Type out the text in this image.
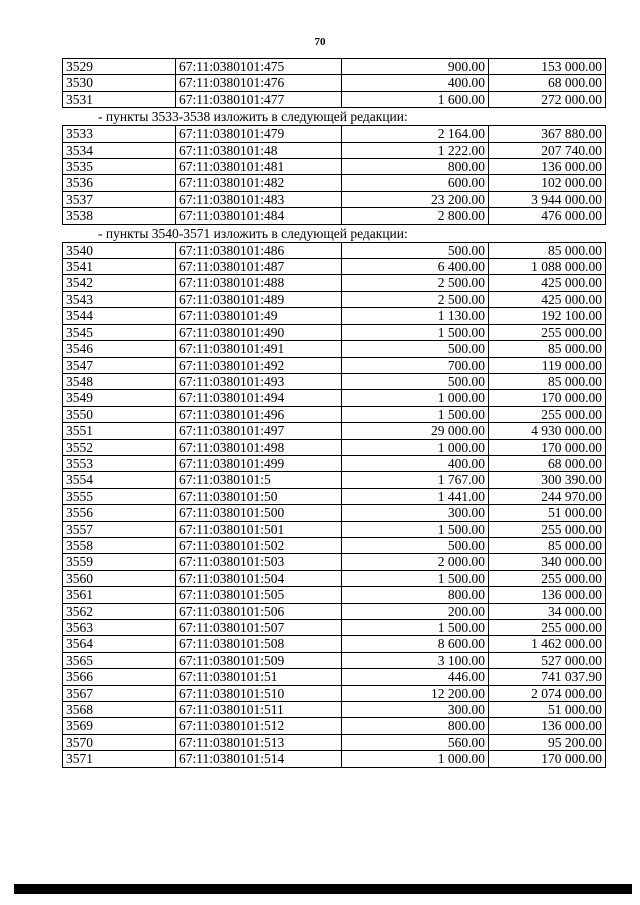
70
3529	67:11:0380101:475	900.00	153 000.00
3530	67:11:0380101:476	400.00	68 000.00
3531	67:11:0380101:477	1 600.00	272 000.00
- пункты 3533-3538 изложить в следующей редакции:
3533	67:11:0380101:479	2 164.00	367 880.00
3534	67:11:0380101:48	1 222.00	207 740.00
3535	67:11:0380101:481	800.00	136 000.00
3536	67:11:0380101:482	600.00	102 000.00
3537	67:11:0380101:483	23 200.00	3 944 000.00
3538	67:11:0380101:484	2 800.00	476 000.00
- пункты 3540-3571 изложить в следующей редакции:
3540	67:11:0380101:486	500.00	85 000.00
3541	67:11:0380101:487	6 400.00	1 088 000.00
3542	67:11:0380101:488	2 500.00	425 000.00
3543	67:11:0380101:489	2 500.00	425 000.00
3544	67:11:0380101:49	1 130.00	192 100.00
3545	67:11:0380101:490	1 500.00	255 000.00
3546	67:11:0380101:491	500.00	85 000.00
3547	67:11:0380101:492	700.00	119 000.00
3548	67:11:0380101:493	500.00	85 000.00
3549	67:11:0380101:494	1 000.00	170 000.00
3550	67:11:0380101:496	1 500.00	255 000.00
3551	67:11:0380101:497	29 000.00	4 930 000.00
3552	67:11:0380101:498	1 000.00	170 000.00
3553	67:11:0380101:499	400.00	68 000.00
3554	67:11:0380101:5	1 767.00	300 390.00
3555	67:11:0380101:50	1 441.00	244 970.00
3556	67:11:0380101:500	300.00	51 000.00
3557	67:11:0380101:501	1 500.00	255 000.00
3558	67:11:0380101:502	500.00	85 000.00
3559	67:11:0380101:503	2 000.00	340 000.00
3560	67:11:0380101:504	1 500.00	255 000.00
3561	67:11:0380101:505	800.00	136 000.00
3562	67:11:0380101:506	200.00	34 000.00
3563	67:11:0380101:507	1 500.00	255 000.00
3564	67:11:0380101:508	8 600.00	1 462 000.00
3565	67:11:0380101:509	3 100.00	527 000.00
3566	67:11:0380101:51	446.00	741 037.90
3567	67:11:0380101:510	12 200.00	2 074 000.00
3568	67:11:0380101:511	300.00	51 000.00
3569	67:11:0380101:512	800.00	136 000.00
3570	67:11:0380101:513	560.00	95 200.00
3571	67:11:0380101:514	1 000.00	170 000.00
